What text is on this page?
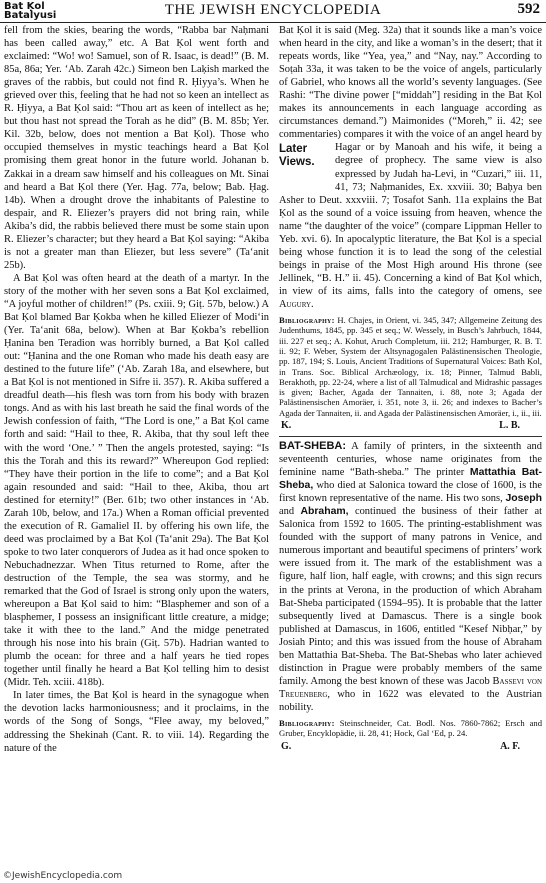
Bat Ḳol
Batalyusi	THE JEWISH ENCYCLOPEDIA	592

fell from the skies, bearing the words, “Rabba bar Naḥmani has been called away,” etc. A Bat Ḳol went forth and exclaimed: “Wo! wo! Samuel, son of R. Isaac, is dead!” (B. M. 85a, 86a; Yer. ‘Ab. Zarah 42c.) Simeon ben Laḳish marked the graves of the rabbis, but could not find R. Ḥiyya’s. When he grieved over this, feeling that he had not so keen an intellect as R. Ḥiyya, a Bat Ḳol said: “Thou art as keen of intellect as he; but thou hast not spread the Torah as he did” (B. M. 85b; Yer. Kil. 32b, below, does not mention a Bat Ḳol). Those who occupied themselves in mystic teachings heard a Bat Ḳol promising them great honor in the future world. Johanan b. Zakkai in a dream saw himself and his colleagues on Mt. Sinai and heard a Bat Ḳol there (Yer. Ḥag. 77a, below; Bab. Ḥag. 14b). When a drought drove the inhabitants of Palestine to despair, and R. Eliezer’s prayers did not bring rain, while Akiba’s did, the rabbis believed there must be some stain upon R. Eliezer’s character; but they heard a Bat Ḳol saying: “Akiba is not a greater man than Eliezer, but less severe” (Ta‘anit 25b).

A Bat Ḳol was often heard at the death of a martyr. In the story of the mother with her seven sons a Bat Ḳol exclaimed, “A joyful mother of children!” (Ps. cxiii. 9; Giṭ. 57b, below.) A Bat Ḳol blamed Bar Ḳokba when he killed Eliezer of Modi‘in (Yer. Ta‘anit 68a, below). When at Bar Ḳokba’s rebellion Ḥanina ben Teradion was horribly burned, a Bat Ḳol called out: “Ḥanina and the one Roman who made his death easy are destined to the future life” (‘Ab. Zarah 18a, and elsewhere, but a Bat Ḳol is not mentioned in Sifre ii. 357). R. Akiba suffered a dreadful death—his flesh was torn from his body with brazen tongs. And as with his last breath he said the final words of the Jewish confession of faith, “The Lord is one,” a Bat Ḳol came forth and said: “Hail to thee, R. Akiba, that thy soul left thee with the word ‘One.’ ” Then the angels protested, saying: “Is this the Torah and this its reward?” Whereupon God replied: “They have their portion in the life to come”; and a Bat Ḳol again resounded and said: “Hail to thee, Akiba, thou art destined for eternity!” (Ber. 61b; two other instances in ‘Ab. Zarah 10b, below, and 17a.) When a Roman official prevented the execution of R. Gamaliel II. by offering his own life, the deed was proclaimed by a Bat Ḳol (Ta‘anit 29a). The Bat Ḳol spoke to two later conquerors of Judea as it had once spoken to Nebuchadnezzar. When Titus returned to Rome, after the destruction of the Temple, the sea was stormy, and he remarked that the God of Israel is strong only upon the waters, whereupon a Bat Ḳol said to him: “Blasphemer and son of a blasphemer, I possess an insignificant little creature, a midge; take it with thee to the land.” And the midge penetrated through his nose into his brain (Giṭ. 57b). Hadrian wanted to plumb the ocean: for three and a half years he tied ropes together until finally he heard a Bat Ḳol telling him to desist (Midr. Teh. xciii. 418b).

In later times, the Bat Ḳol is heard in the synagogue when the devotion lacks harmoniousness; and it proclaims, in the words of the Song of Songs, “Flee away, my beloved,” addressing the Shekinah (Cant. R. to viii. 14). Regarding the nature of the

Bat Ḳol it is said (Meg. 32a) that it sounds like a man’s voice when heard in the city, and like a woman’s in the desert; that it repeats words, like “Yea, yea,” and “Nay, nay.” According to Soṭah 33a, it was taken to be the voice of angels, particularly of Gabriel, who knows all the world’s seventy languages. (See Rashi: “The divine power [“middah”] residing in the Bat Ḳol makes its announcements in each language according as circumstances demand.”) Maimonides (“Moreh,” ii. 42; see commentaries) compares it with the voice of an angel heard by Hagar or by Manoah and his wife, it being a
Later Views.	degree of prophecy. The same view is also expressed by Judah ha-Levi, in “Cuzari,” iii. 11, 41, 73; Naḥmanides, Ex. xxviii. 30; Baḥya ben Asher to Deut. xxxviii. 7; Tosafot Sanh. 11a explains the Bat Ḳol as the sound of a voice issuing from heaven, whence the name “the daughter of the voice” (compare Lippman Heller to Yeb. xvi. 6). In apocalyptic literature, the Bat Ḳol is a special being whose function it is to lead the song of the celestial beings in praise of the Most High around His throne (see Jellinek, “B. H.” ii. 45). Concerning a kind of Bat Ḳol which, in view of its aims, falls into the category of omens, see Augury.

Bibliography: H. Chajes, in Orient, vi. 345, 347; Allgemeine Zeitung des Judenthums, 1845, pp. 345 et seq.; W. Wessely, in Busch’s Jahrbuch, 1844, iii. 227 et seq.; A. Kohut, Aruch Completum, iii. 212; Hamburger, R. B. T. ii. 92; F. Weber, System der Altsynagogalen Palästinensischen Theologie, pp. 187, 194; S. Louis, Ancient Traditions of Supernatural Voices: Bath Ḳol, in Trans. Soc. Biblical Archæology, ix. 18; Pinner, Talmud Babli, Berakhoth, pp. 22-24, where a list of all Talmudical and Midrashic passages is given; Bacher, Agada der Tannaiten, i. 88, note 3; Agada der Palästinensischen Amoräer, i. 351, note 3, ii. 26; and indexes to Bacher’s Agada der Tannaiten, ii. and Agada der Palästinensischen Amoräer, i., ii., iii.
K.	L. B.

BAT-SHEBA: A family of printers, in the sixteenth and seventeenth centuries, whose name originates from the feminine name “Bath-sheba.” The printer Mattathia Bat-Sheba, who died at Salonica toward the close of 1600, is the first known representative of the name. His two sons, Joseph and Abraham, continued the business of their father at Salonica from 1592 to 1605. The printing-establishment was founded with the support of many patrons in Venice, and numerous important and beautiful specimens of printers’ work were issued from it. The mark of the establishment was a figure, half lion, half eagle, with crowns; and this sign recurs in the prints at Verona, in the production of which Abraham Bat-Sheba participated (1594–95). It is probable that the latter subsequently lived at Damascus. There is a single book published at Damascus, in 1606, entitled “Kesef Nibḥar,” by Josiah Pinto; and this was issued from the house of Abraham ben Mattathia Bat-Sheba. The Bat-Shebas who later achieved distinction in Prague were probably members of the same family. Among the best known of these was Jacob Bassevi von Treuenberg, who in 1622 was elevated to the Austrian nobility.

Bibliography: Steinschneider, Cat. Bodl. Nos. 7860-7862; Ersch and Gruber, Encyklopädie, ii. 28, 41; Hock, Gal ‘Ed, p. 24.
G.	A. F.
©JewishEncyclopedia.com
